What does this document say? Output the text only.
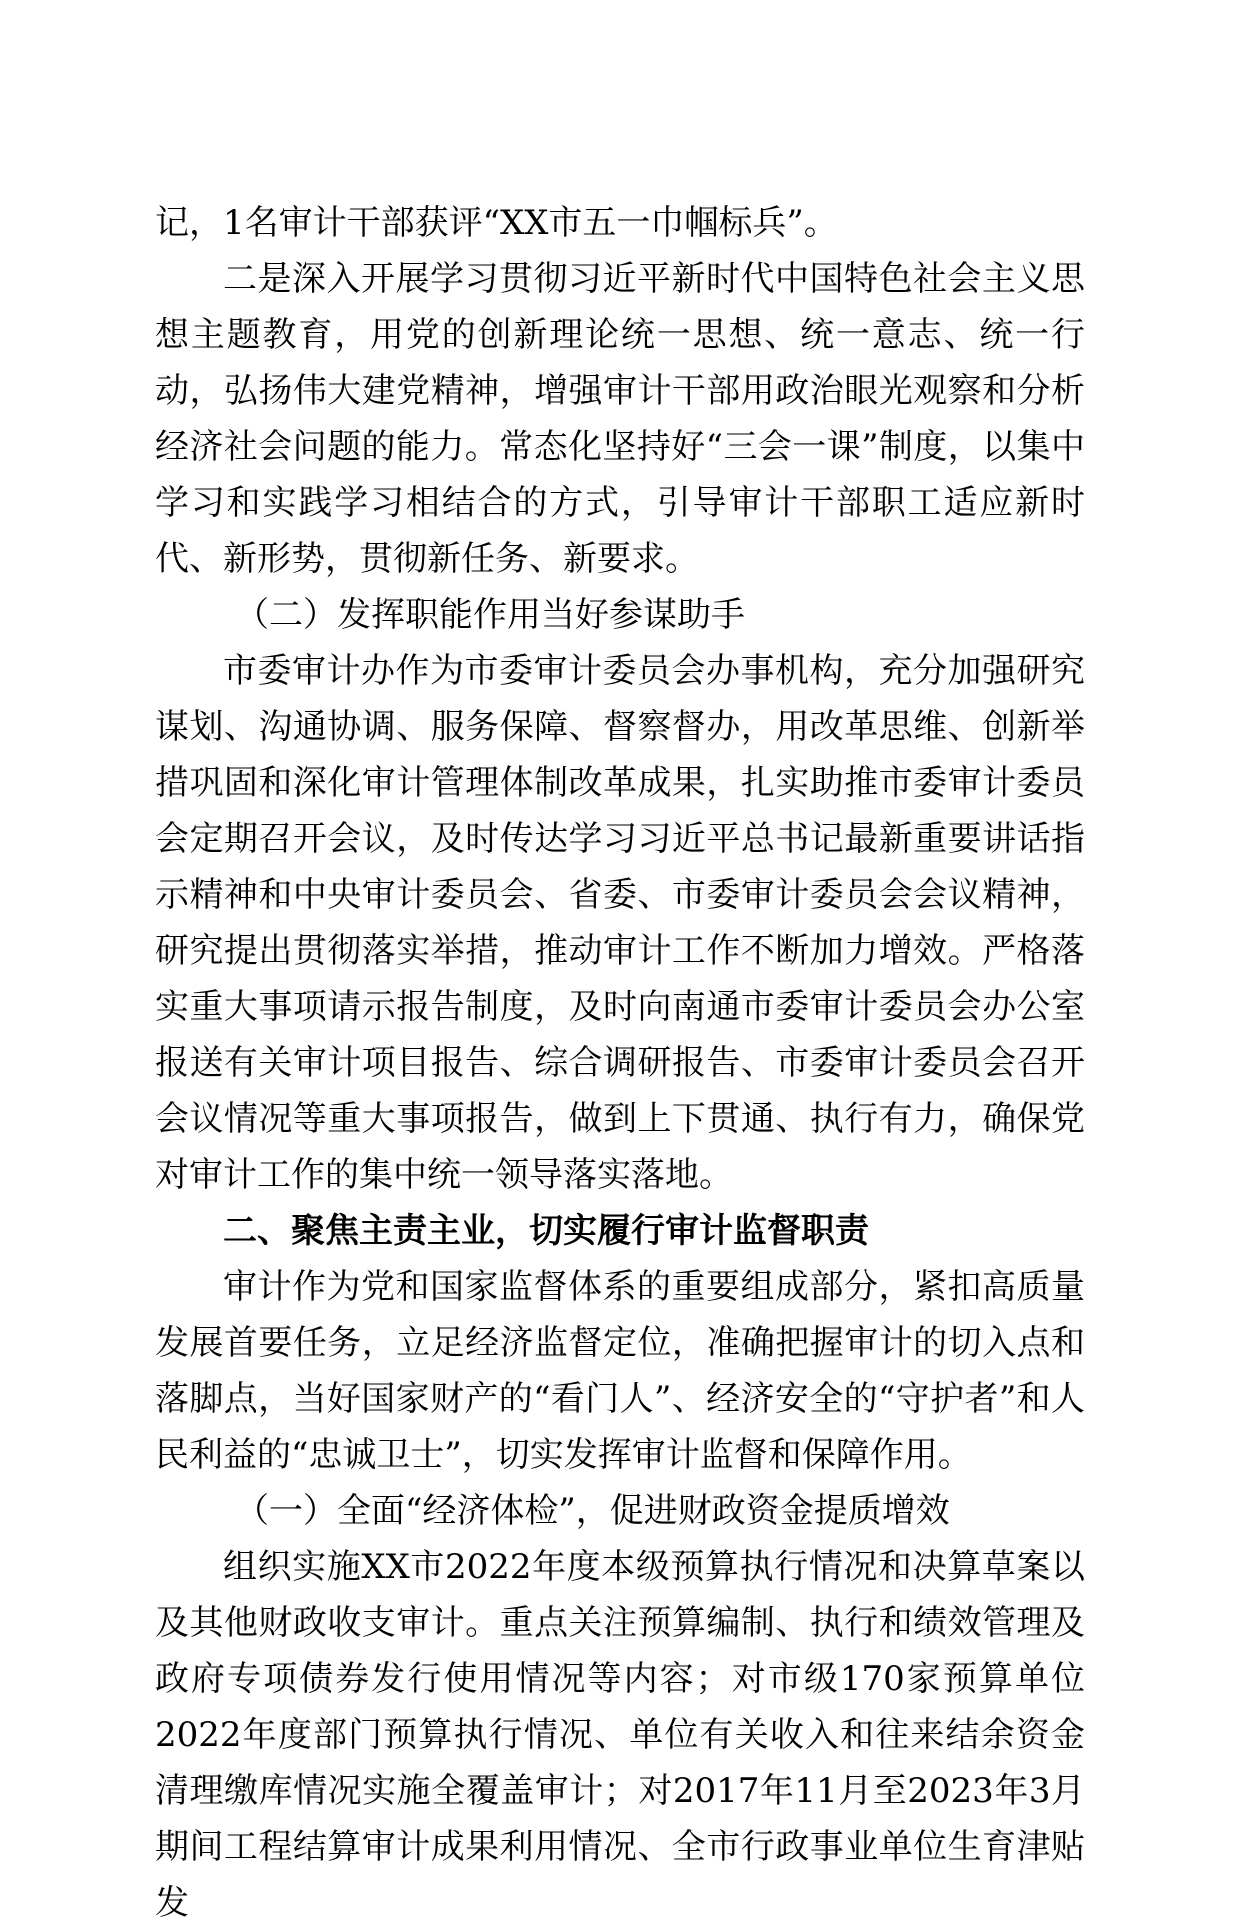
记，1名审计干部获评“XX市五一巾帼标兵”。

二是深入开展学习贯彻习近平新时代中国特色社会主义思想主题教育，用党的创新理论统一思想、统一意志、统一行动，弘扬伟大建党精神，增强审计干部用政治眼光观察和分析经济社会问题的能力。常态化坚持好“三会一课”制度，以集中学习和实践学习相结合的方式，引导审计干部职工适应新时代、新形势，贯彻新任务、新要求。

（二）发挥职能作用当好参谋助手

市委审计办作为市委审计委员会办事机构，充分加强研究谋划、沟通协调、服务保障、督察督办，用改革思维、创新举措巩固和深化审计管理体制改革成果，扎实助推市委审计委员会定期召开会议，及时传达学习习近平总书记最新重要讲话指示精神和中央审计委员会、省委、市委审计委员会会议精神，研究提出贯彻落实举措，推动审计工作不断加力增效。严格落实重大事项请示报告制度，及时向南通市委审计委员会办公室报送有关审计项目报告、综合调研报告、市委审计委员会召开会议情况等重大事项报告，做到上下贯通、执行有力，确保党对审计工作的集中统一领导落实落地。

二、聚焦主责主业，切实履行审计监督职责

审计作为党和国家监督体系的重要组成部分，紧扣高质量发展首要任务，立足经济监督定位，准确把握审计的切入点和落脚点，当好国家财产的“看门人”、经济安全的“守护者”和人民利益的“忠诚卫士”，切实发挥审计监督和保障作用。

（一）全面“经济体检”，促进财政资金提质增效

组织实施XX市2022年度本级预算执行情况和决算草案以及其他财政收支审计。重点关注预算编制、执行和绩效管理及政府专项债券发行使用情况等内容；对市级170家预算单位2022年度部门预算执行情况、单位有关收入和往来结余资金清理缴库情况实施全覆盖审计；对2017年11月至2023年3月期间工程结算审计成果利用情况、全市行政事业单位生育津贴发
